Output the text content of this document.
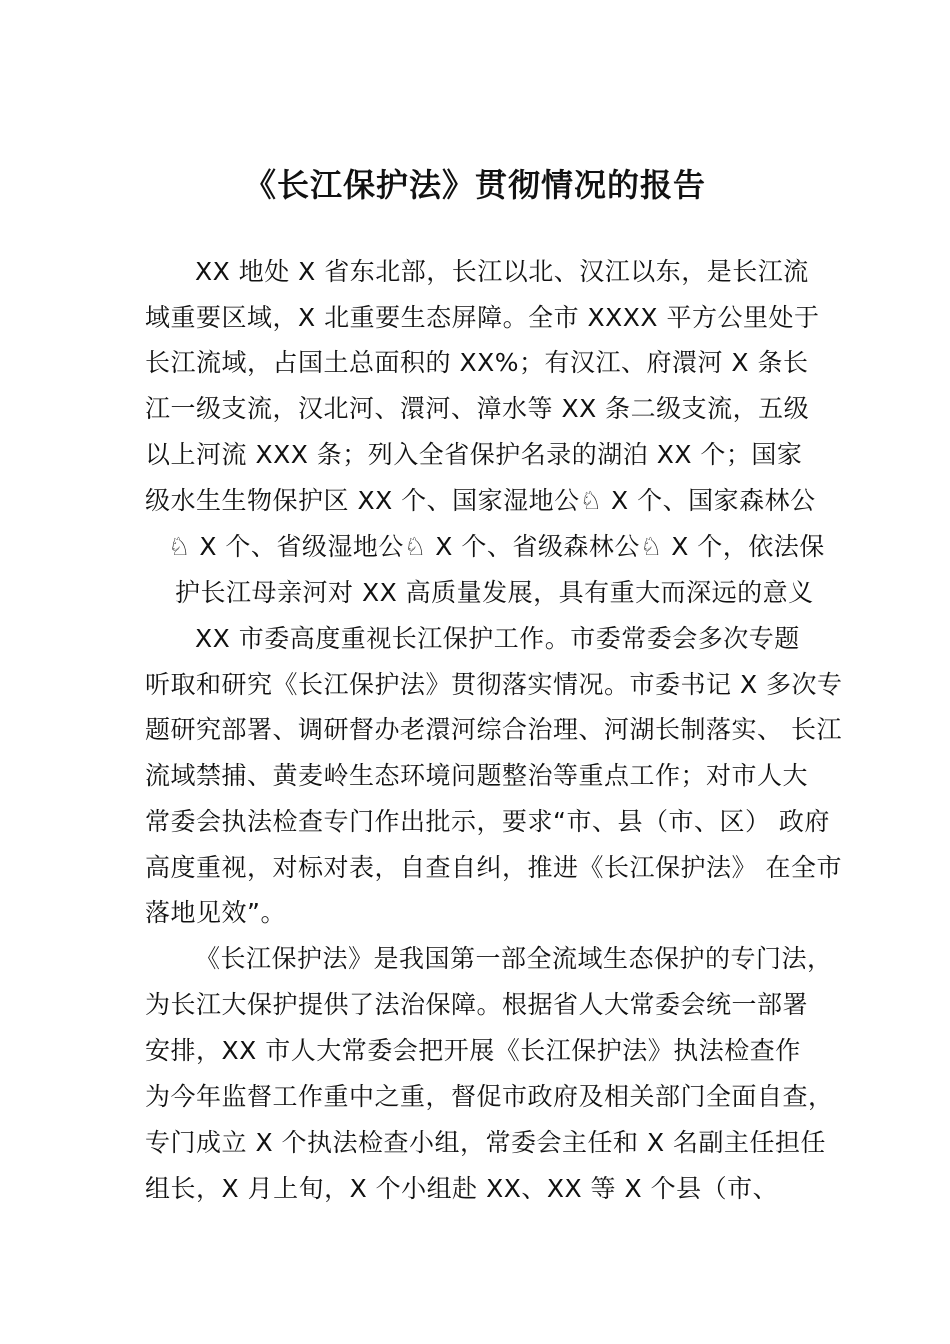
《长江保护法》贯彻情况的报告
XX 地处 X 省东北部，长江以北、汉江以东，是长江流
域重要区域，X 北重要生态屏障。全市 XXXX 平方公里处于
长江流域，占国土总面积的 XX%；有汉江、府澴河 X 条长
江一级支流，汉北河、澴河、漳水等 XX 条二级支流，五级
以上河流 XXX 条；列入全省保护名录的湖泊 XX 个；国家
级水生生物保护区 XX 个、国家湿地公♘ X 个、国家森林公
♘ X 个、省级湿地公♘ X 个、省级森林公♘ X 个，依法保
护长江母亲河对 XX 高质量发展，具有重大而深远的意义
XX 市委高度重视长江保护工作。市委常委会多次专题
听取和研究《长江保护法》贯彻落实情况。市委书记 X 多次专
题研究部署、调研督办老澴河综合治理、河湖长制落实、 长江
流域禁捕、黄麦岭生态环境问题整治等重点工作；对市人大
常委会执法检查专门作出批示，要求“市、县（市、区） 政府
高度重视，对标对表，自查自纠，推进《长江保护法》 在全市
落地见效”。
《长江保护法》是我国第一部全流域生态保护的专门法，
为长江大保护提供了法治保障。根据省人大常委会统一部署
安排，XX 市人大常委会把开展《长江保护法》执法检查作
为今年监督工作重中之重，督促市政府及相关部门全面自查，
专门成立 X 个执法检查小组，常委会主任和 X 名副主任担任
组长，X 月上旬，X 个小组赴 XX、XX 等 X 个县（市、
